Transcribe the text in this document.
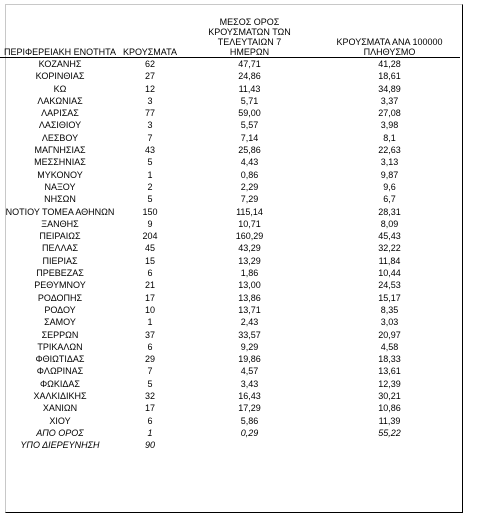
ΠΕΡΙΦΕΡΕΙΑΚΗ ΕΝΟΤΗΤΑ	ΚΡΟΥΣΜΑΤΑ	ΜΕΣΟΣ ΟΡΟΣ ΚΡΟΥΣΜΑΤΩΝ ΤΩΝ ΤΕΛΕΥΤΑΙΩΝ 7 ΗΜΕΡΩΝ	ΚΡΟΥΣΜΑΤΑ ΑΝΑ 100000 ΠΛΗΘΥΣΜΟ
ΚΟΖΑΝΗΣ	62	47,71	41,28
ΚΟΡΙΝΘΙΑΣ	27	24,86	18,61
ΚΩ	12	11,43	34,89
ΛΑΚΩΝΙΑΣ	3	5,71	3,37
ΛΑΡΙΣΑΣ	77	59,00	27,08
ΛΑΣΙΘΙΟΥ	3	5,57	3,98
ΛΕΣΒΟΥ	7	7,14	8,1
ΜΑΓΝΗΣΙΑΣ	43	25,86	22,63
ΜΕΣΣΗΝΙΑΣ	5	4,43	3,13
ΜΥΚΟΝΟΥ	1	0,86	9,87
ΝΑΞΟΥ	2	2,29	9,6
ΝΗΣΩΝ	5	7,29	6,7
ΝΟΤΙΟΥ ΤΟΜΕΑ ΑΘΗΝΩΝ	150	115,14	28,31
ΞΑΝΘΗΣ	9	10,71	8,09
ΠΕΙΡΑΙΩΣ	204	160,29	45,43
ΠΕΛΛΑΣ	45	43,29	32,22
ΠΙΕΡΙΑΣ	15	13,29	11,84
ΠΡΕΒΕΖΑΣ	6	1,86	10,44
ΡΕΘΥΜΝΟΥ	21	13,00	24,53
ΡΟΔΟΠΗΣ	17	13,86	15,17
ΡΟΔΟΥ	10	13,71	8,35
ΣΑΜΟΥ	1	2,43	3,03
ΣΕΡΡΩΝ	37	33,57	20,97
ΤΡΙΚΑΛΩΝ	6	9,29	4,58
ΦΘΙΩΤΙΔΑΣ	29	19,86	18,33
ΦΛΩΡΙΝΑΣ	7	4,57	13,61
ΦΩΚΙΔΑΣ	5	3,43	12,39
ΧΑΛΚΙΔΙΚΗΣ	32	16,43	30,21
ΧΑΝΙΩΝ	17	17,29	10,86
ΧΙΟΥ	6	5,86	11,39
ΑΠΟ ΟΡΟΣ	1	0,29	55,22
ΥΠΟ ΔΙΕΡΕΥΝΗΣΗ	90		
